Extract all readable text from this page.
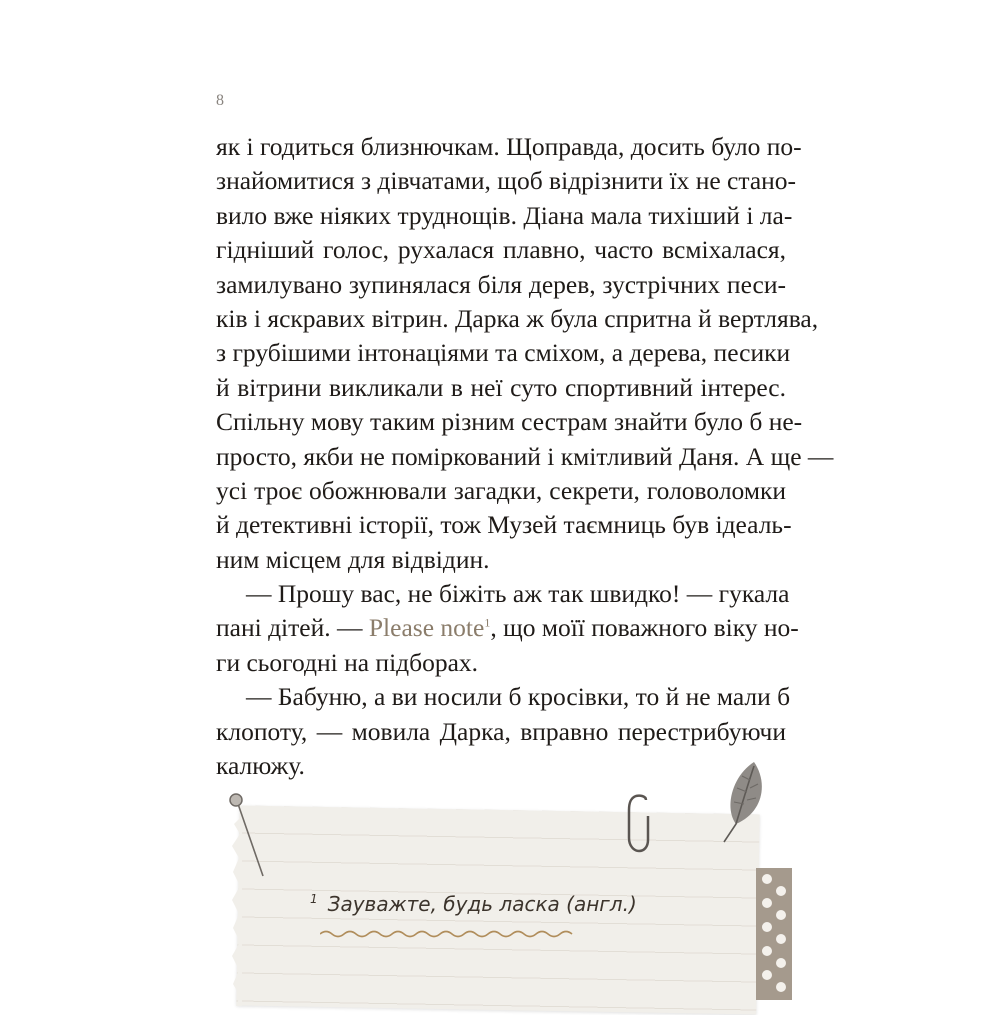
8
як і годиться близнючкам. Щоправда, досить було по-
знайомитися з дівчатами, щоб відрізнити їх не стано-
вило вже ніяких труднощів. Діана мала тихіший і ла-
гідніший голос, рухалася плавно, часто всміхалася,
замилувано зупинялася біля дерев, зустрічних песи-
ків і яскравих вітрин. Дарка ж була спритна й вертлява,
з грубішими інтонаціями та сміхом, а дерева, песики
й вітрини викликали в неї суто спортивний інтерес.
Спільну мову таким різним сестрам знайти було б не-
просто, якби не поміркований і кмітливий Даня. А ще —
усі троє обожнювали загадки, секрети, головоломки
й детективні історії, тож Музей таємниць був ідеаль-
ним місцем для відвідин.
— Прошу вас, не біжіть аж так швидко! — гукала
пані дітей. — Please note$^1$, що моїї поважного віку но-
ги сьогодні на підборах.
— Бабуню, а ви носили б кросівки, то й не мали б
клопоту, — мовила Дарка, вправно перестрибуючи
калюжу.
$^1$ Зауважте, будь ласка (англ.)
